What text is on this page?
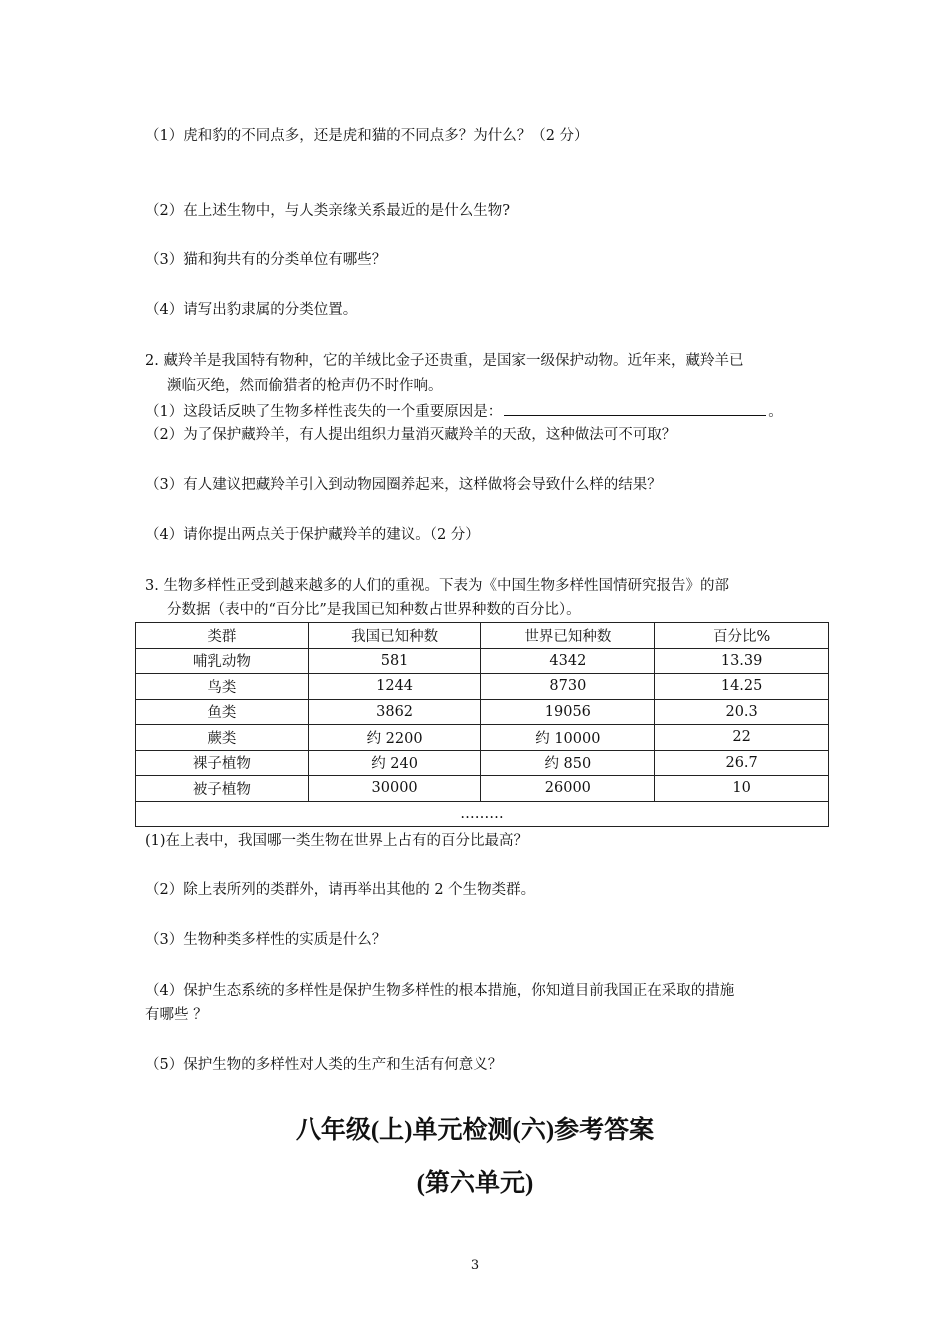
（1）虎和豹的不同点多，还是虎和猫的不同点多？为什么？（2 分）
（2）在上述生物中，与人类亲缘关系最近的是什么生物?
（3）猫和狗共有的分类单位有哪些？
（4）请写出豹隶属的分类位置。
2. 藏羚羊是我国特有物种，它的羊绒比金子还贵重，是国家一级保护动物。近年来，藏羚羊已
濒临灭绝，然而偷猎者的枪声仍不时作响。
（1）这段话反映了生物多样性丧失的一个重要原因是：	。
（2）为了保护藏羚羊，有人提出组织力量消灭藏羚羊的天敌，这种做法可不可取？
（3）有人建议把藏羚羊引入到动物园圈养起来，这样做将会导致什么样的结果？
（4）请你提出两点关于保护藏羚羊的建议。（2 分）
3. 生物多样性正受到越来越多的人们的重视。下表为《中国生物多样性国情研究报告》的部
分数据（表中的“百分比”是我国已知种数占世界种数的百分比）。
类群	我国已知种数	世界已知种数	百分比%
哺乳动物	581	4342	13.39
鸟类	1244	8730	14.25
鱼类	3862	19056	20.3
蕨类	约 2200	约 10000	22
裸子植物	约 240	约 850	26.7
被子植物	30000	26000	10
………			
(1)在上表中，我国哪一类生物在世界上占有的百分比最高？
（2）除上表所列的类群外，请再举出其他的 2 个生物类群。
（3）生物种类多样性的实质是什么？
（4）保护生态系统的多样性是保护生物多样性的根本措施，你知道目前我国正在采取的措施
有哪些 ？
（5）保护生物的多样性对人类的生产和生活有何意义？
八年级(上)单元检测(六)参考答案
(第六单元)
3
